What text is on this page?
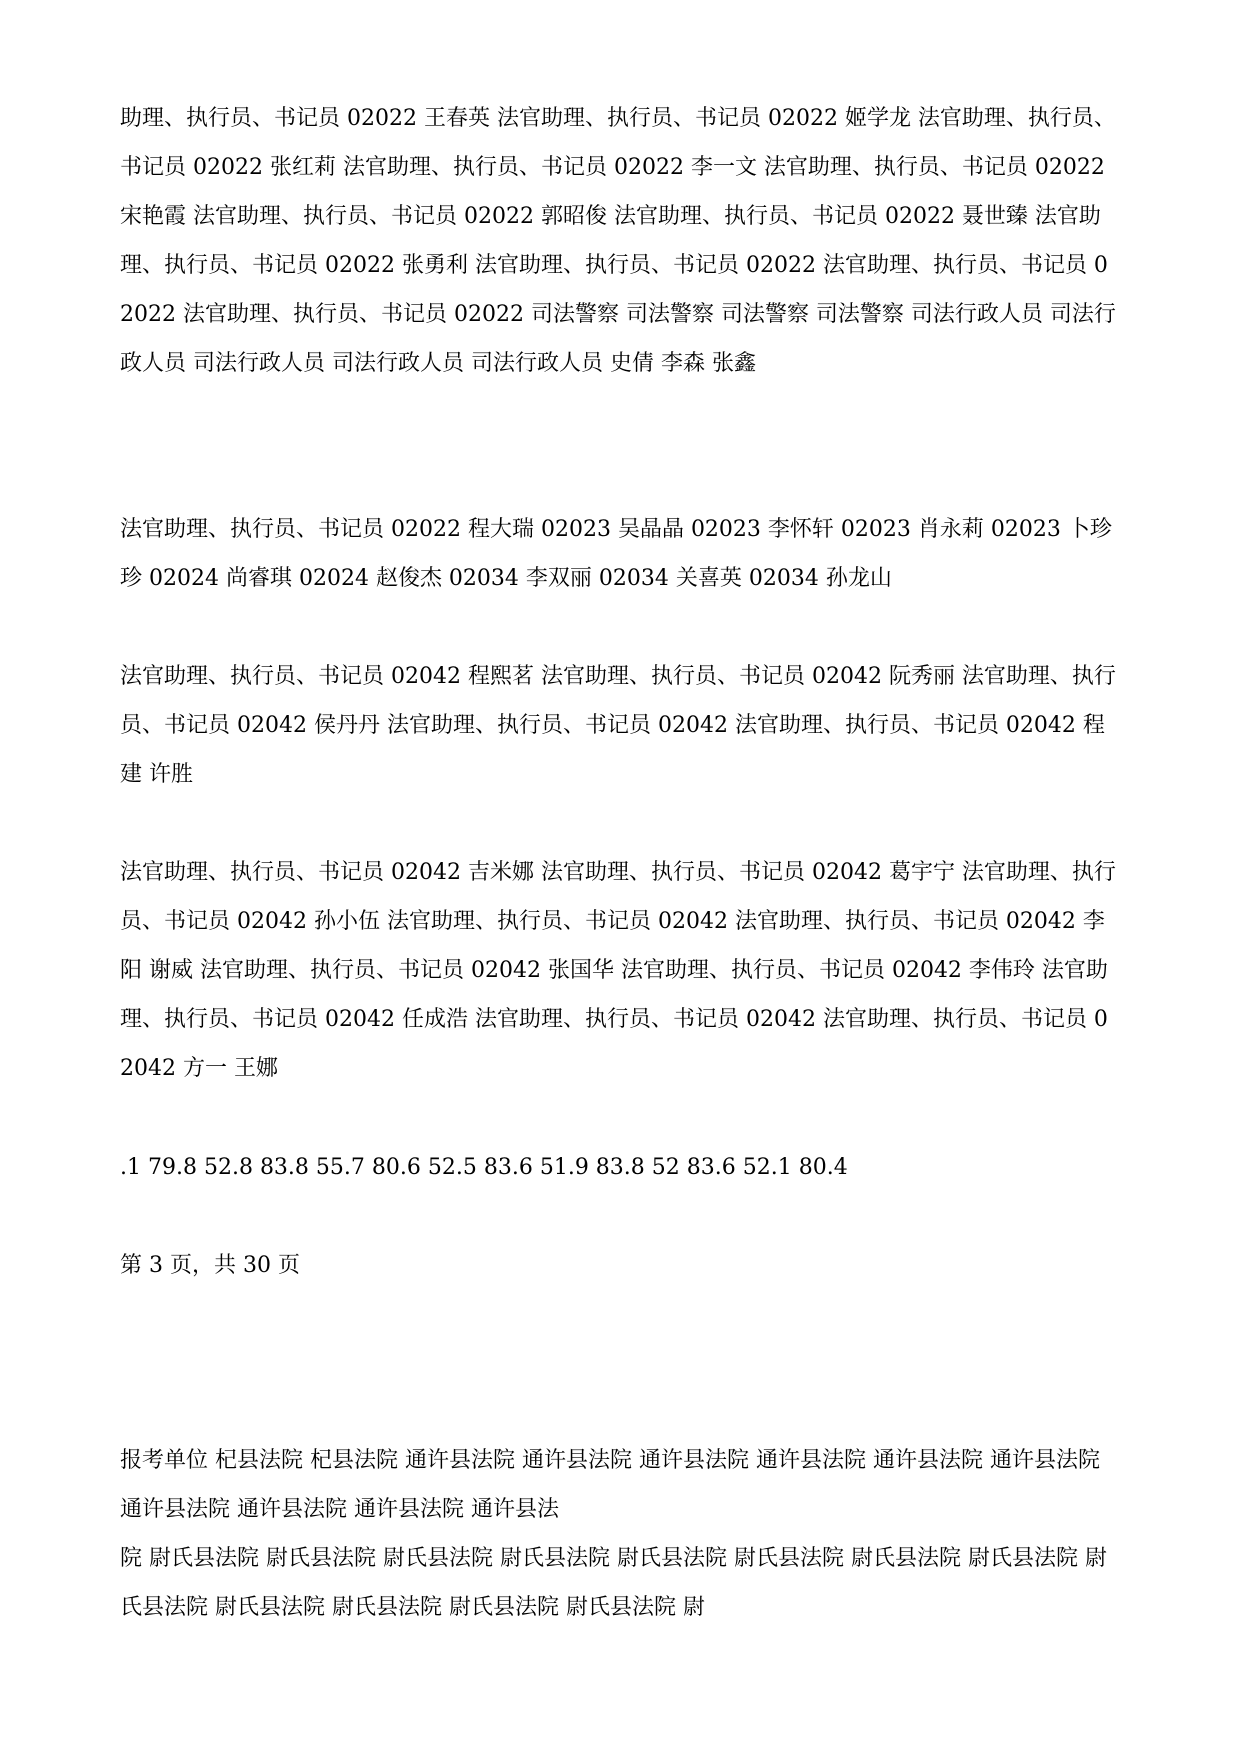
助理、执行员、书记员 02022 王春英 法官助理、执行员、书记员 02022 姬学龙 法官助理、执行员、书记员 02022 张红莉 法官助理、执行员、书记员 02022 李一文 法官助理、执行员、书记员 02022 宋艳霞 法官助理、执行员、书记员 02022 郭昭俊 法官助理、执行员、书记员 02022 聂世臻 法官助理、执行员、书记员 02022 张勇利 法官助理、执行员、书记员 02022 法官助理、执行员、书记员 02022 法官助理、执行员、书记员 02022 司法警察 司法警察 司法警察 司法警察 司法行政人员 司法行政人员 司法行政人员 司法行政人员 司法行政人员 史倩 李森 张鑫

法官助理、执行员、书记员 02022 程大瑞 02023 吴晶晶 02023 李怀轩 02023 肖永莉 02023 卜珍珍 02024 尚睿琪 02024 赵俊杰 02034 李双丽 02034 关喜英 02034 孙龙山

法官助理、执行员、书记员 02042 程熙茗 法官助理、执行员、书记员 02042 阮秀丽 法官助理、执行员、书记员 02042 侯丹丹 法官助理、执行员、书记员 02042 法官助理、执行员、书记员 02042 程建 许胜

法官助理、执行员、书记员 02042 吉米娜 法官助理、执行员、书记员 02042 葛宇宁 法官助理、执行员、书记员 02042 孙小伍 法官助理、执行员、书记员 02042 法官助理、执行员、书记员 02042 李阳 谢威 法官助理、执行员、书记员 02042 张国华 法官助理、执行员、书记员 02042 李伟玲 法官助理、执行员、书记员 02042 任成浩 法官助理、执行员、书记员 02042 法官助理、执行员、书记员 02042 方一 王娜

.1 79.8 52.8 83.8 55.7 80.6 52.5 83.6 51.9 83.8 52 83.6 52.1 80.4

第 3 页，共 30 页

报考单位 杞县法院 杞县法院 通许县法院 通许县法院 通许县法院 通许县法院 通许县法院 通许县法院 通许县法院 通许县法院 通许县法院 通许县法

院 尉氏县法院 尉氏县法院 尉氏县法院 尉氏县法院 尉氏县法院 尉氏县法院 尉氏县法院 尉氏县法院 尉氏县法院 尉氏县法院 尉氏县法院 尉氏县法院 尉氏县法院 尉
